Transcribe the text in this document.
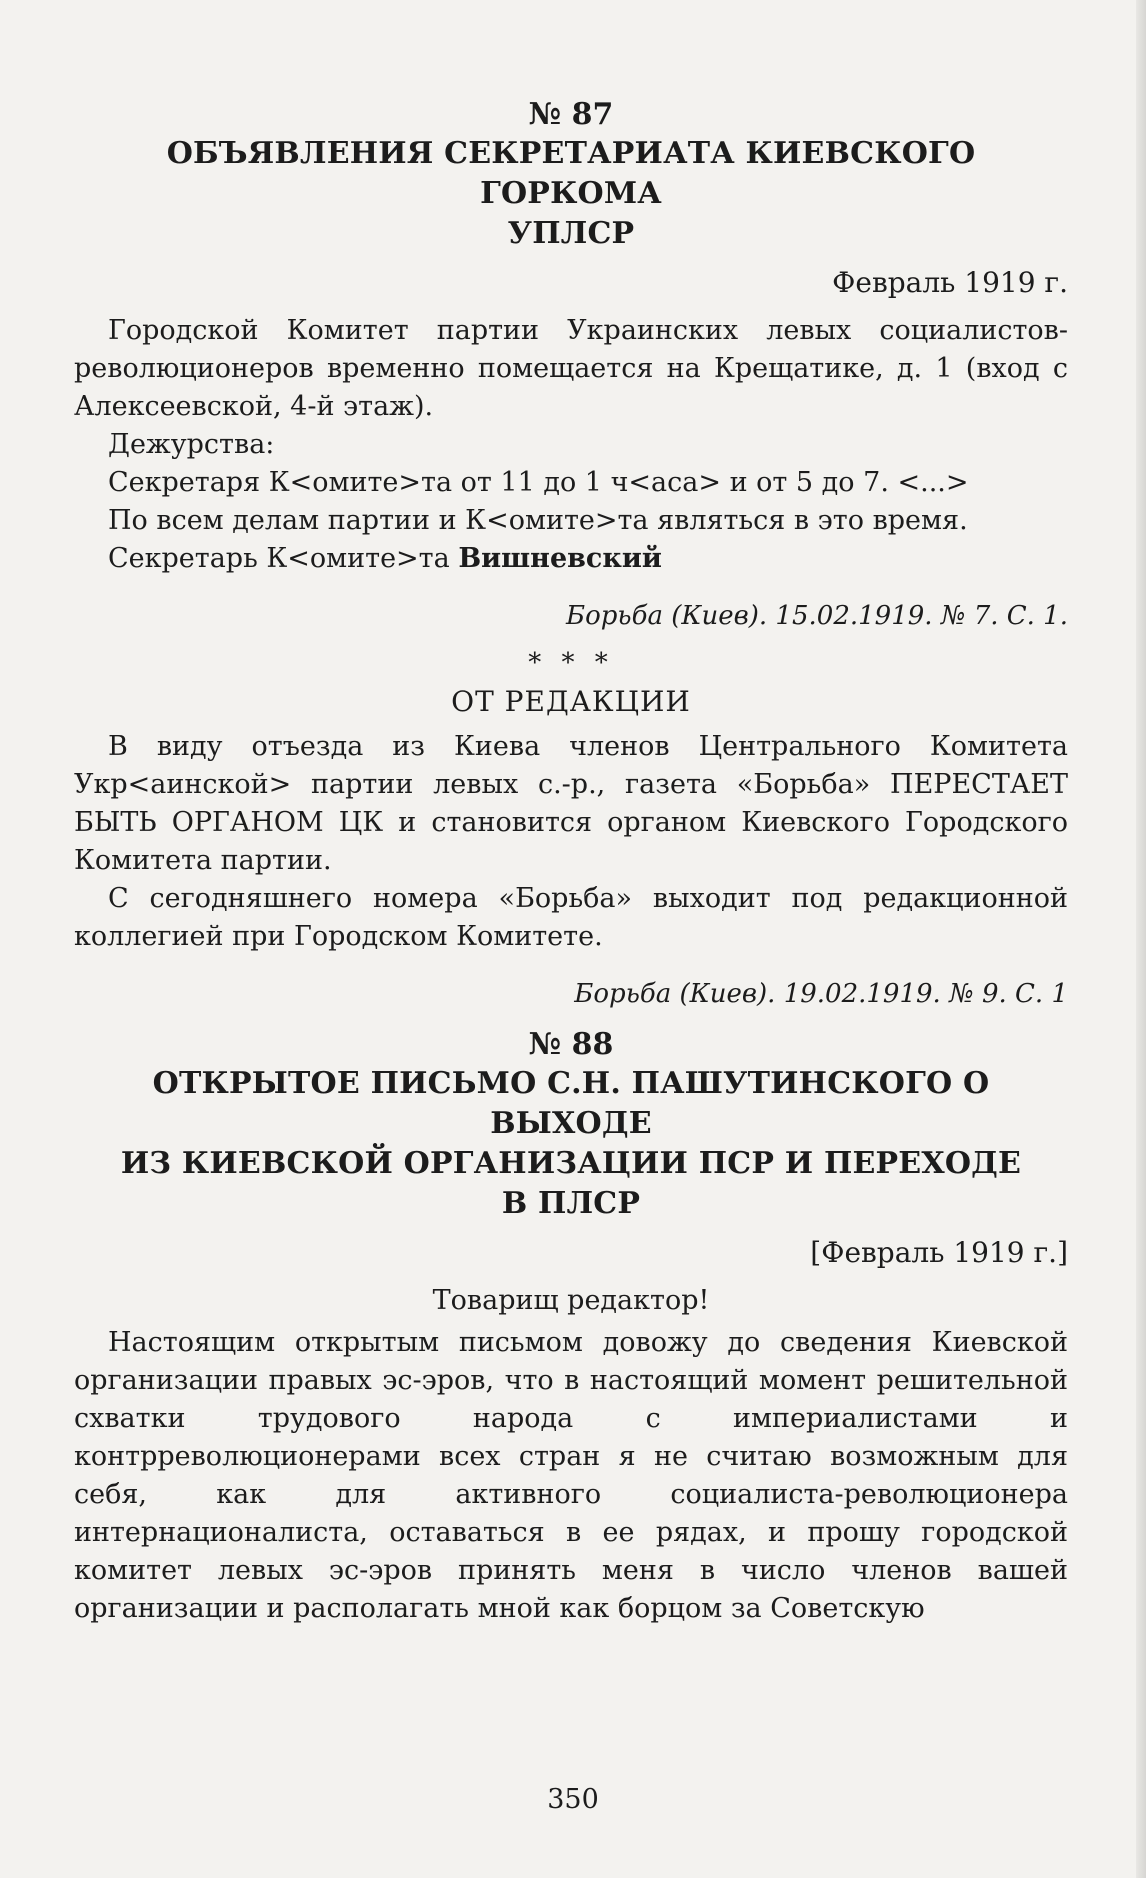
№ 87
ОБЪЯВЛЕНИЯ СЕКРЕТАРИАТА КИЕВСКОГО ГОРКОМА
УПЛСР
Февраль 1919 г.

Городской Комитет партии Украинских левых социалистов-революционеров временно помещается на Крещатике, д. 1 (вход с Алексеевской, 4-й этаж).

Дежурства:

Секретаря К<омите>та от 11 до 1 ч<аса> и от 5 до 7. <...>

По всем делам партии и К<омите>та являться в это время.

Секретарь К<омите>та Вишневский

Борьба (Киев). 15.02.1919. № 7. С. 1.
* * *
ОТ РЕДАКЦИИ

В виду отъезда из Киева членов Центрального Комитета Укр<аинской> партии левых с.-р., газета «Борьба» ПЕРЕСТАЕТ БЫТЬ ОРГАНОМ ЦК и становится органом Киевского Городского Комитета партии.

С сегодняшнего номера «Борьба» выходит под редакционной коллегией при Городском Комитете.

Борьба (Киев). 19.02.1919. № 9. С. 1
№ 88
ОТКРЫТОЕ ПИСЬМО С.Н. ПАШУТИНСКОГО О ВЫХОДЕ
ИЗ КИЕВСКОЙ ОРГАНИЗАЦИИ ПСР И ПЕРЕХОДЕ
В ПЛСР
[Февраль 1919 г.]
Товарищ редактор!

Настоящим открытым письмом довожу до сведения Киевской организации правых эс-эров, что в настоящий момент решительной схватки трудового народа с империалистами и контрреволюционерами всех стран я не считаю возможным для себя, как для активного социалиста-революционера интернационалиста, оставаться в ее рядах, и прошу городской комитет левых эс-эров принять меня в число членов вашей организации и располагать мной как борцом за Советскую

350
